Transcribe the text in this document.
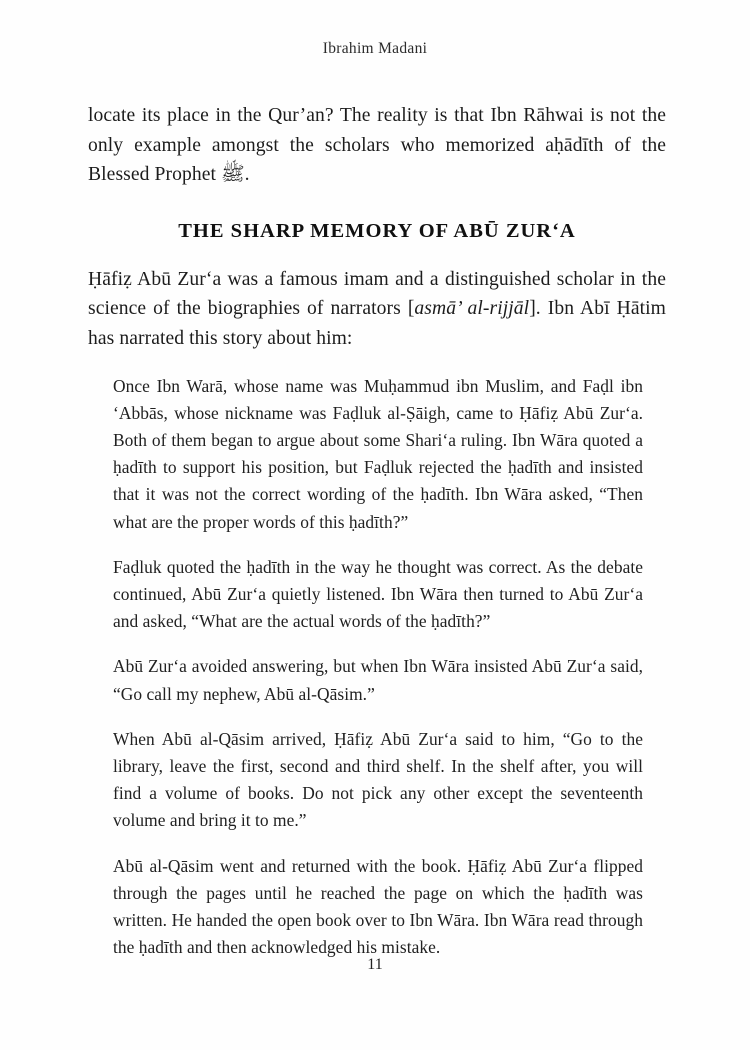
Ibrahim Madani

locate its place in the Qur’an? The reality is that Ibn Rāhwai is not the only example amongst the scholars who memorized aḥādīth of the Blessed Prophet ﷺ.

THE SHARP MEMORY OF ABŪ ZURʻA

Ḥāfiẓ Abū Zurʻa was a famous imam and a distinguished scholar in the science of the biographies of narrators [asmā’ al-rijjāl]. Ibn Abī Ḥātim has narrated this story about him:

Once Ibn Warā, whose name was Muḥammud ibn Muslim, and Faḍl ibn ʻAbbās, whose nickname was Faḍluk al-Ṣāigh, came to Ḥāfiẓ Abū Zurʻa. Both of them began to argue about some Shariʻa ruling. Ibn Wāra quoted a ḥadīth to support his position, but Faḍluk rejected the ḥadīth and insisted that it was not the correct wording of the ḥadīth. Ibn Wāra asked, “Then what are the proper words of this ḥadīth?”

Faḍluk quoted the ḥadīth in the way he thought was correct. As the debate continued, Abū Zurʻa quietly listened. Ibn Wāra then turned to Abū Zurʻa and asked, “What are the actual words of the ḥadīth?”

Abū Zurʻa avoided answering, but when Ibn Wāra insisted Abū Zurʻa said, “Go call my nephew, Abū al-Qāsim.”

When Abū al-Qāsim arrived, Ḥāfiẓ Abū Zurʻa said to him, “Go to the library, leave the first, second and third shelf. In the shelf after, you will find a volume of books. Do not pick any other except the seventeenth volume and bring it to me.”

Abū al-Qāsim went and returned with the book. Ḥāfiẓ Abū Zurʻa flipped through the pages until he reached the page on which the ḥadīth was written. He handed the open book over to Ibn Wāra. Ibn Wāra read through the ḥadīth and then acknowledged his mistake.

11
